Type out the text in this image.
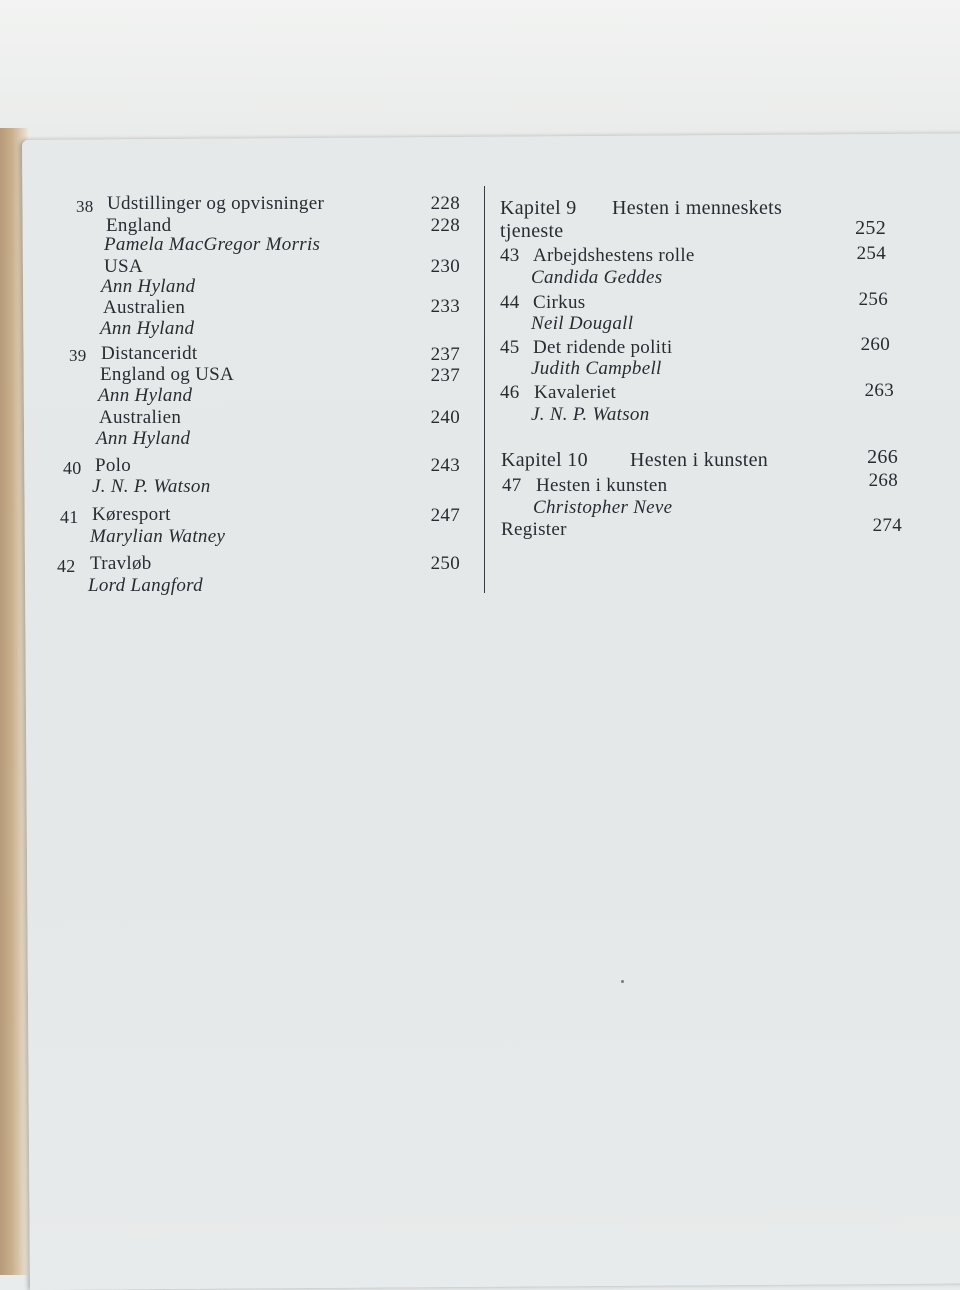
38 Udstillinger og opvisninger	228
England	228
Pamela MacGregor Morris
USA	230
Ann Hyland
Australien	233
Ann Hyland
39 Distanceridt	237
England og USA	237
Ann Hyland
Australien	240
Ann Hyland
40 Polo	243
J. N. P. Watson
41 Køresport	247
Marylian Watney
42 Travløb	250
Lord Langford
Kapitel 9 Hesten i menneskets
tjeneste	252
43 Arbejdshestens rolle	254
Candida Geddes
44 Cirkus	256
Neil Dougall
45 Det ridende politi	260
Judith Campbell
46 Kavaleriet	263
J. N. P. Watson
Kapitel 10 Hesten i kunsten	266
47 Hesten i kunsten	268
Christopher Neve
Register	274
